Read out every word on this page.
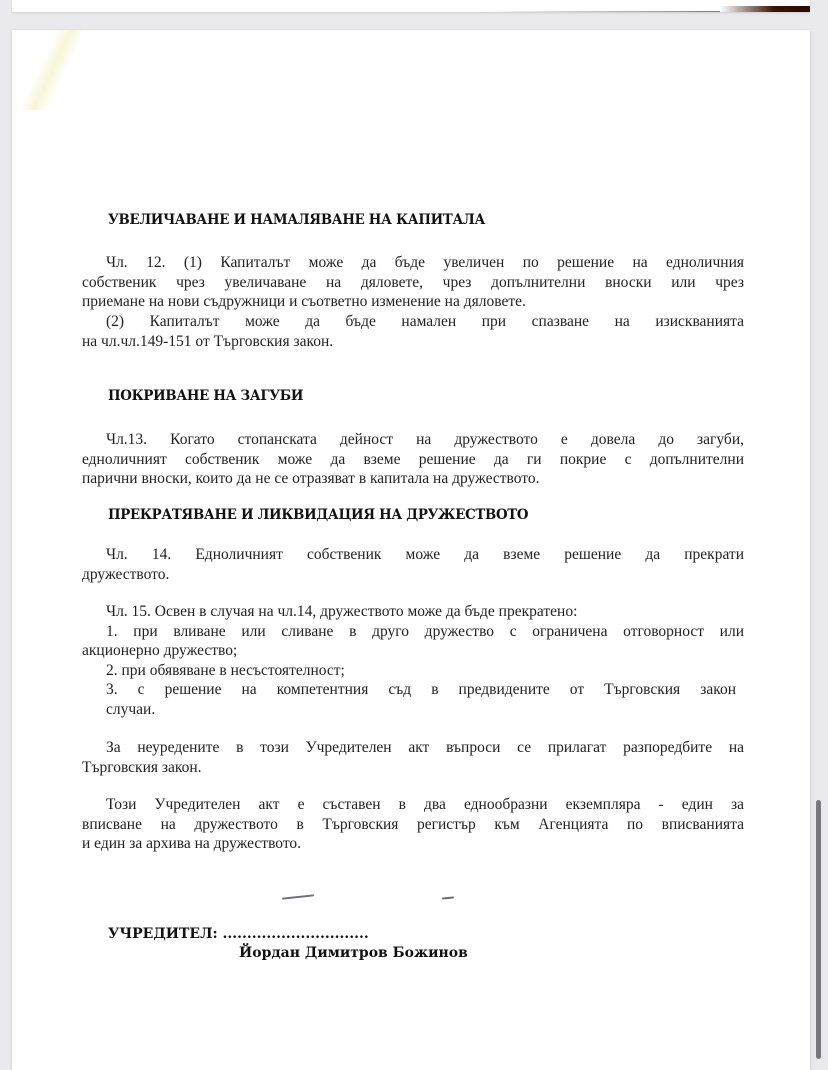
УВЕЛИЧАВАНЕ И НАМАЛЯВАНЕ НА КАПИТАЛА
Чл. 12. (1) Капиталът може да бъде увеличен по решение на едноличния
собственик чрез увеличаване на дяловете, чрез допълнителни вноски или чрез
приемане на нови съдружници и съответно изменение на дяловете.
(2) Капиталът може да бъде намален при спазване на изискванията
на чл.чл.149-151 от Търговския закон.
ПОКРИВАНЕ НА ЗАГУБИ
Чл.13. Когато стопанската дейност на дружеството е довела до загуби,
едноличният собственик може да вземе решение да ги покрие с допълнителни
парични вноски, които да не се отразяват в капитала на дружеството.
ПРЕКРАТЯВАНЕ И ЛИКВИДАЦИЯ НА ДРУЖЕСТВОТО
Чл. 14. Едноличният собственик може да вземе решение да прекрати
дружеството.
Чл. 15. Освен в случая на чл.14, дружеството може да бъде прекратено:
1. при вливане или сливане в друго дружество с ограничена отговорност или
акционерно дружество;
2. при обявяване в несъстоятелност;
3. с решение на компетентния съд в предвидените от Търговския закон
случаи.
За неуредените в този Учредителен акт въпроси се прилагат разпоредбите на
Търговския закон.
Този Учредителен акт е съставен в два еднообразни екземпляра - един за
вписване на дружеството в Търговския регистър към Агенцията по вписванията
и един за архива на дружеството.
УЧРЕДИТЕЛ: ..............................
Йордан Димитров Божинов
